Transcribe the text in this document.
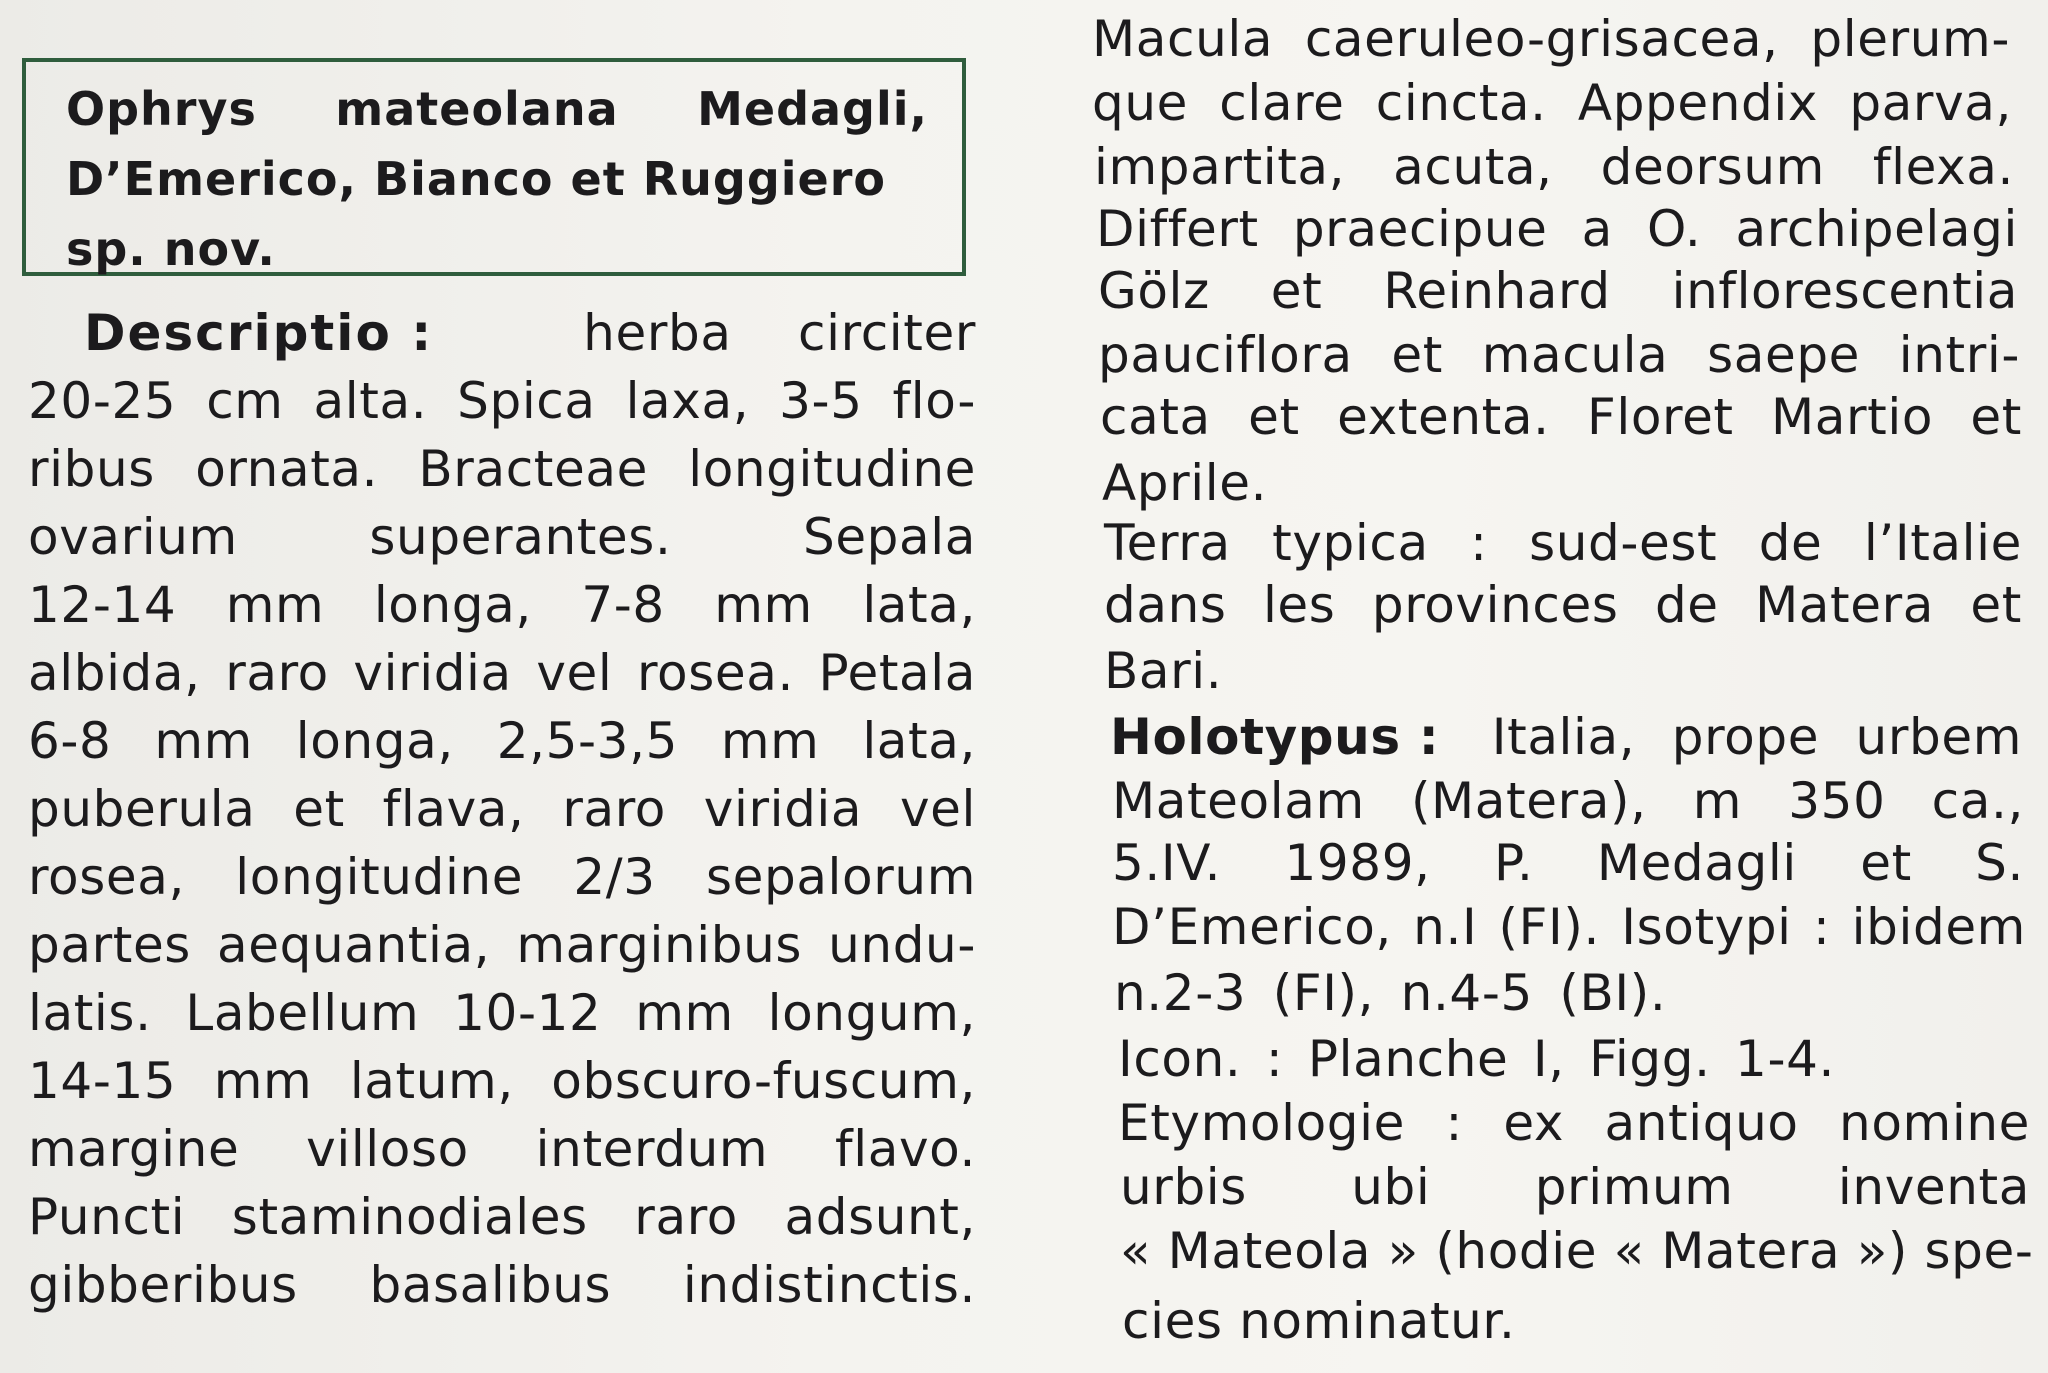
Ophrys mateolana Medagli,
D’Emerico, Bianco et Ruggiero
sp. nov.
Descriptio :	herba circiter
20-25 cm alta. Spica laxa, 3-5 flo-
ribus ornata. Bracteae longitudine
ovarium superantes. Sepala
12-14 mm longa, 7-8 mm lata,
albida, raro viridia vel rosea. Petala
6-8 mm longa, 2,5-3,5 mm lata,
puberula et flava, raro viridia vel
rosea, longitudine 2/3 sepalorum
partes aequantia, marginibus undu-
latis. Labellum 10-12 mm longum,
14-15 mm latum, obscuro-fuscum,
margine villoso interdum flavo.
Puncti staminodiales raro adsunt,
gibberibus basalibus indistinctis.
Macula caeruleo-grisacea, plerum-
que clare cincta. Appendix parva,
impartita, acuta, deorsum flexa.
Differt praecipue a O. archipelagi
Gölz et Reinhard inflorescentia
pauciflora et macula saepe intri-
cata et extenta. Floret Martio et
Aprile.
Terra typica : sud-est de l’Italie
dans les provinces de Matera et
Bari.
Holotypus : Italia, prope urbem
Mateolam (Matera), m 350 ca.,
5.IV. 1989, P. Medagli et S.
D’Emerico, n.I (FI). Isotypi : ibidem
n.2-3 (FI), n.4-5 (BI).
Icon. : Planche I, Figg. 1-4.
Etymologie : ex antiquo nomine
urbis ubi primum inventa
« Mateola » (hodie « Matera ») spe-
cies nominatur.
